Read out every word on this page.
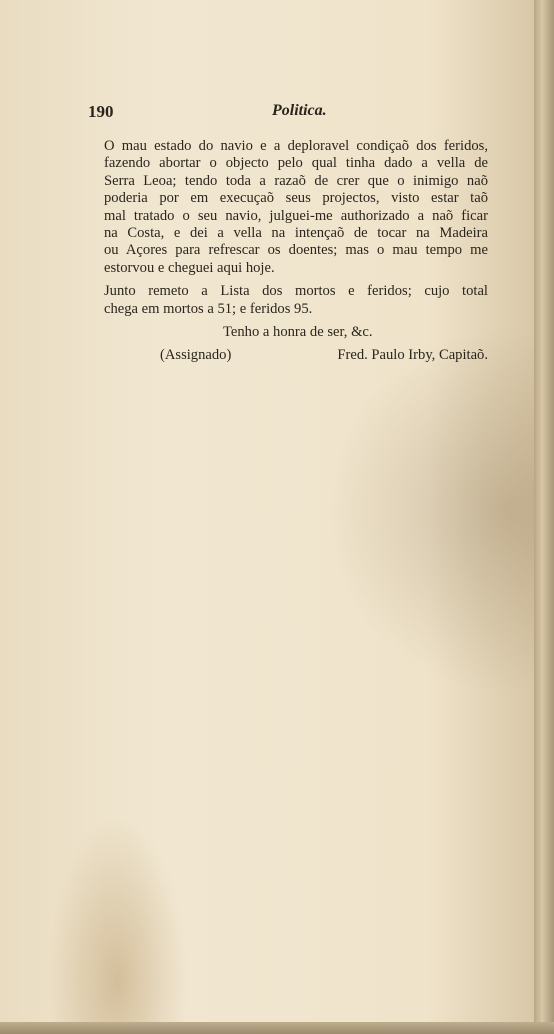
190	Politica.
O mau estado do navio e a deploravel condiçaõ dos feridos,
fazendo abortar o objecto pelo qual tinha dado a vella de
Serra Leoa; tendo toda a razaõ de crer que o inimigo naõ
poderia por em execuçaõ seus projectos, visto estar taõ
mal tratado o seu navio, julguei-me authorizado a naõ ficar
na Costa, e dei a vella na intençaõ de tocar na Madeira
ou Açores para refrescar os doentes; mas o mau tempo me
estorvou e cheguei aqui hoje.
Junto remeto a Lista dos mortos e feridos; cujo total
chega em mortos a 51; e feridos 95.
Tenho a honra de ser, &c.
(Assignado)	Fred. Paulo Irby, Capitaõ.
